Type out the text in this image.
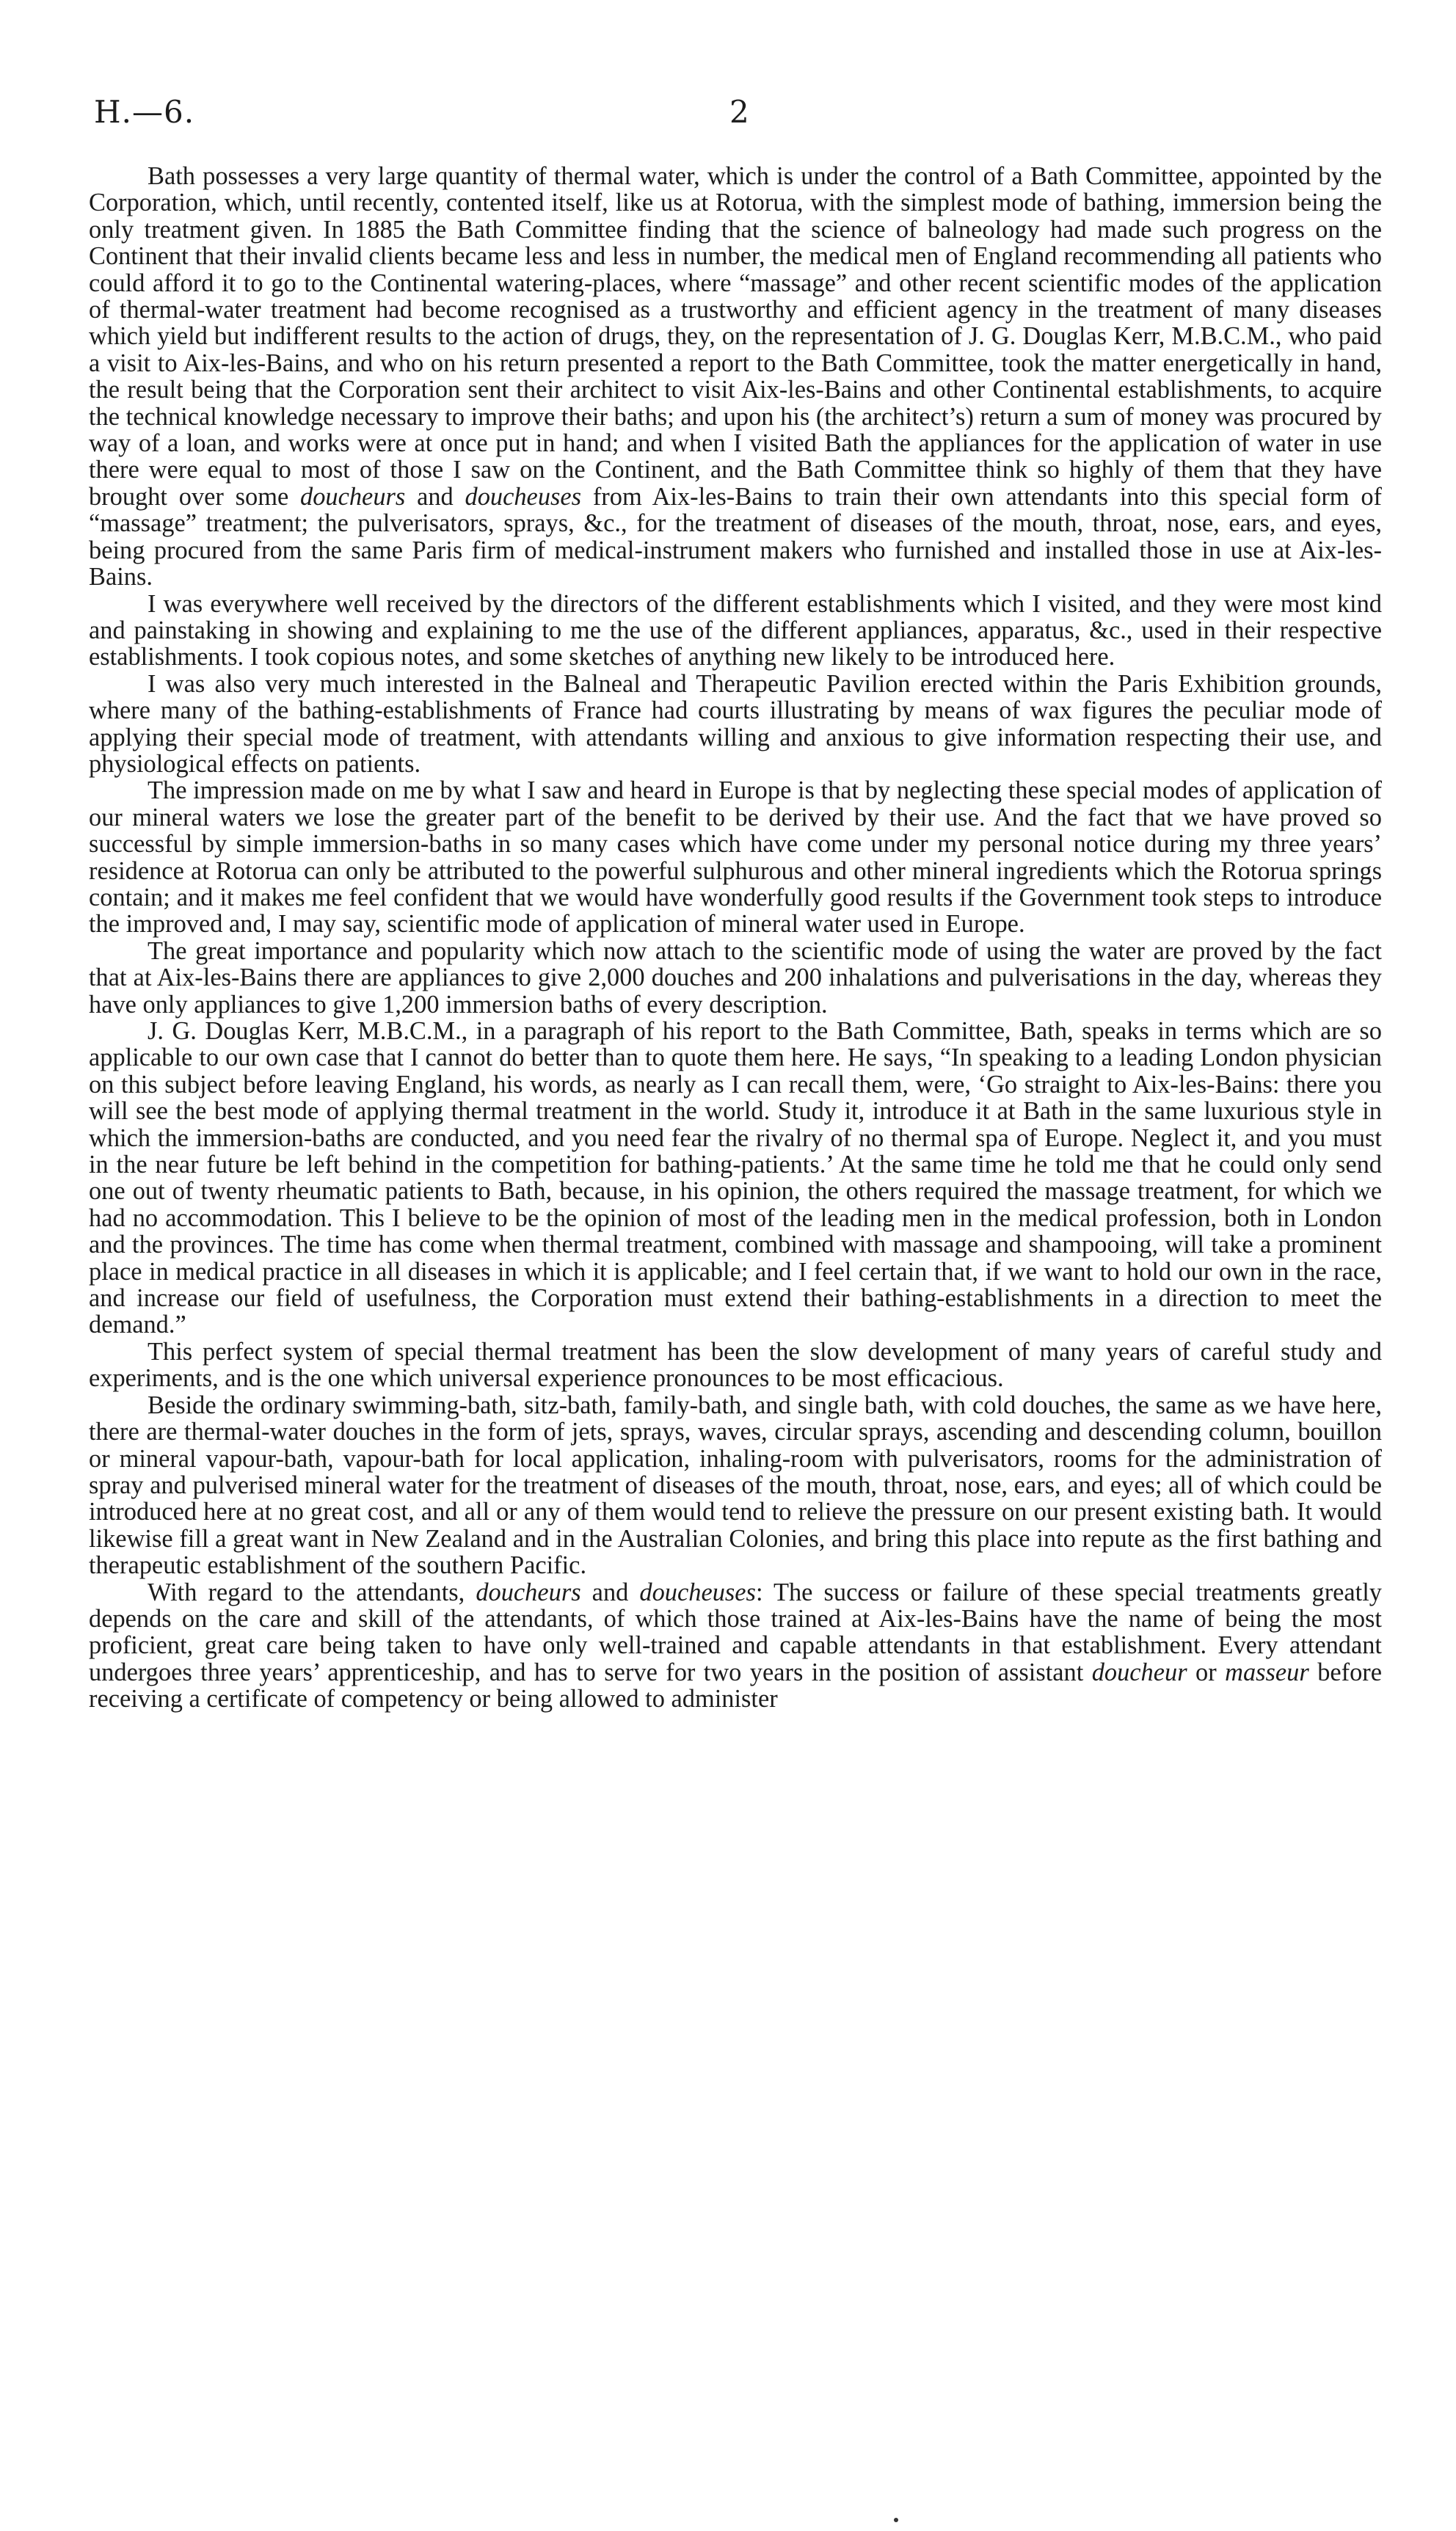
H.—6.	2

Bath possesses a very large quantity of thermal water, which is under the control of a Bath Committee, appointed by the Corporation, which, until recently, contented itself, like us at Rotorua, with the simplest mode of bathing, immersion being the only treatment given. In 1885 the Bath Committee finding that the science of balneology had made such progress on the Continent that their invalid clients became less and less in number, the medical men of England recommending all patients who could afford it to go to the Continental watering-places, where “massage” and other recent scientific modes of the application of thermal-water treatment had become recognised as a trustworthy and efficient agency in the treatment of many diseases which yield but indifferent results to the action of drugs, they, on the representation of J. G. Douglas Kerr, M.B.C.M., who paid a visit to Aix-les-Bains, and who on his return presented a report to the Bath Committee, took the matter energetically in hand, the result being that the Corporation sent their architect to visit Aix-les-Bains and other Continental establishments, to acquire the technical knowledge necessary to improve their baths; and upon his (the architect’s) return a sum of money was procured by way of a loan, and works were at once put in hand; and when I visited Bath the appliances for the application of water in use there were equal to most of those I saw on the Continent, and the Bath Committee think so highly of them that they have brought over some doucheurs and doucheuses from Aix-les-Bains to train their own attendants into this special form of “massage” treatment; the pulverisators, sprays, &c., for the treatment of diseases of the mouth, throat, nose, ears, and eyes, being procured from the same Paris firm of medical-instrument makers who furnished and installed those in use at Aix-les-Bains.

I was everywhere well received by the directors of the different establishments which I visited, and they were most kind and painstaking in showing and explaining to me the use of the different appliances, apparatus, &c., used in their respective establishments. I took copious notes, and some sketches of anything new likely to be introduced here.

I was also very much interested in the Balneal and Therapeutic Pavilion erected within the Paris Exhibition grounds, where many of the bathing-establishments of France had courts illustrating by means of wax figures the peculiar mode of applying their special mode of treatment, with attendants willing and anxious to give information respecting their use, and physiological effects on patients.

The impression made on me by what I saw and heard in Europe is that by neglecting these special modes of application of our mineral waters we lose the greater part of the benefit to be derived by their use. And the fact that we have proved so successful by simple immersion-baths in so many cases which have come under my personal notice during my three years’ residence at Rotorua can only be attributed to the powerful sulphurous and other mineral ingredients which the Rotorua springs contain; and it makes me feel confident that we would have wonderfully good results if the Government took steps to introduce the improved and, I may say, scientific mode of application of mineral water used in Europe.

The great importance and popularity which now attach to the scientific mode of using the water are proved by the fact that at Aix-les-Bains there are appliances to give 2,000 douches and 200 inhalations and pulverisations in the day, whereas they have only appliances to give 1,200 immersion baths of every description.

J. G. Douglas Kerr, M.B.C.M., in a paragraph of his report to the Bath Committee, Bath, speaks in terms which are so applicable to our own case that I cannot do better than to quote them here. He says, “In speaking to a leading London physician on this subject before leaving England, his words, as nearly as I can recall them, were, ‘Go straight to Aix-les-Bains: there you will see the best mode of applying thermal treatment in the world. Study it, introduce it at Bath in the same luxurious style in which the immersion-baths are conducted, and you need fear the rivalry of no thermal spa of Europe. Neglect it, and you must in the near future be left behind in the competition for bathing-patients.’ At the same time he told me that he could only send one out of twenty rheumatic patients to Bath, because, in his opinion, the others required the massage treatment, for which we had no accommodation. This I believe to be the opinion of most of the leading men in the medical profession, both in London and the provinces. The time has come when thermal treatment, combined with massage and shampooing, will take a prominent place in medical practice in all diseases in which it is applicable; and I feel certain that, if we want to hold our own in the race, and increase our field of usefulness, the Corporation must extend their bathing-establishments in a direction to meet the demand.”

This perfect system of special thermal treatment has been the slow development of many years of careful study and experiments, and is the one which universal experience pronounces to be most efficacious.

Beside the ordinary swimming-bath, sitz-bath, family-bath, and single bath, with cold douches, the same as we have here, there are thermal-water douches in the form of jets, sprays, waves, circular sprays, ascending and descending column, bouillon or mineral vapour-bath, vapour-bath for local application, inhaling-room with pulverisators, rooms for the administration of spray and pulverised mineral water for the treatment of diseases of the mouth, throat, nose, ears, and eyes; all of which could be introduced here at no great cost, and all or any of them would tend to relieve the pressure on our present existing bath. It would likewise fill a great want in New Zealand and in the Australian Colonies, and bring this place into repute as the first bathing and therapeutic establishment of the southern Pacific.

With regard to the attendants, doucheurs and doucheuses: The success or failure of these special treatments greatly depends on the care and skill of the attendants, of which those trained at Aix-les-Bains have the name of being the most proficient, great care being taken to have only well-trained and capable attendants in that establishment. Every attendant undergoes three years’ apprenticeship, and has to serve for two years in the position of assistant doucheur or masseur before receiving a certificate of competency or being allowed to administer
